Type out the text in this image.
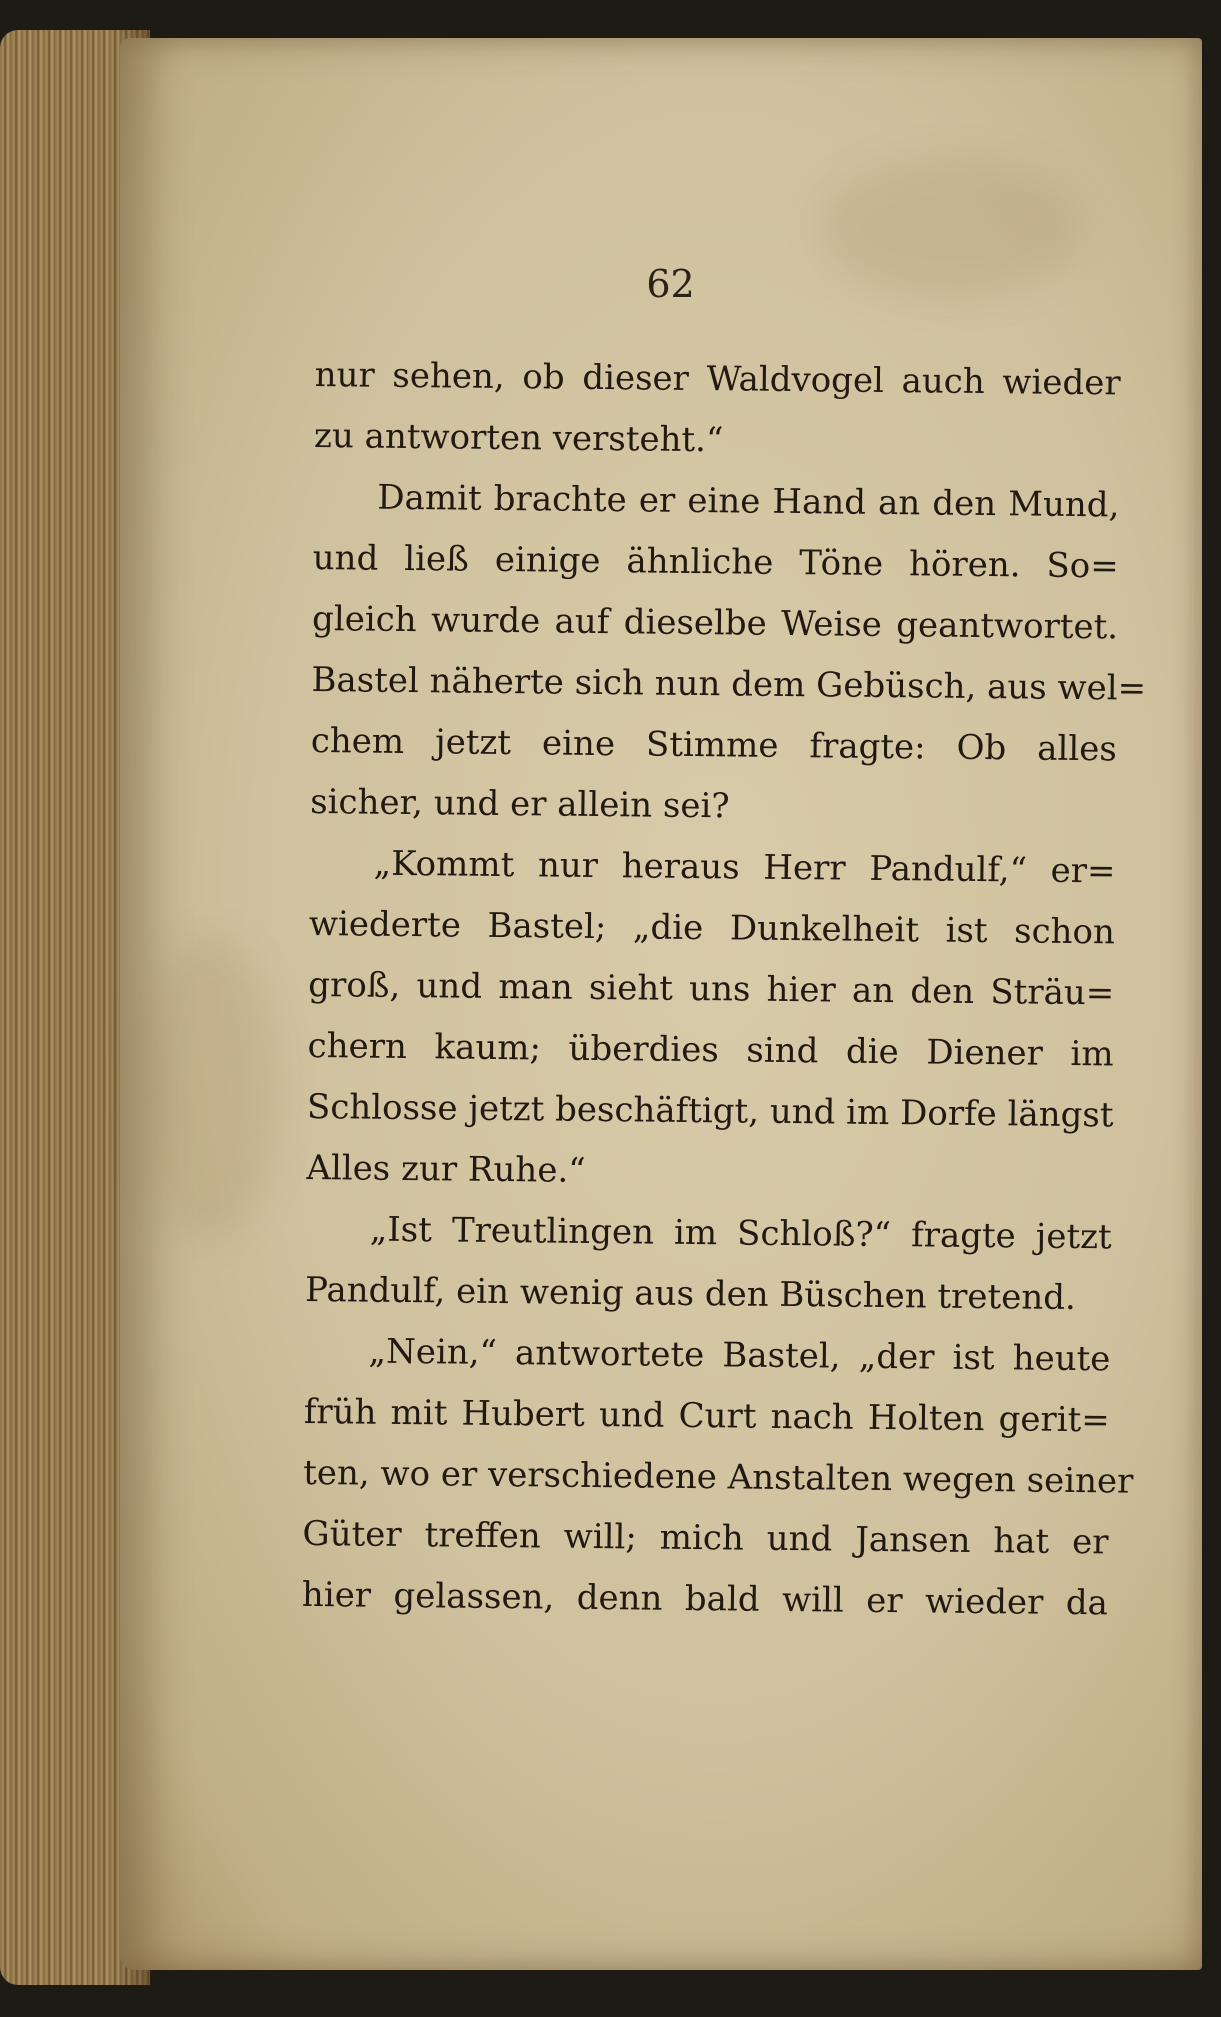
62
nur sehen, ob dieser Waldvogel auch wieder
zu antworten versteht.“
Damit brachte er eine Hand an den Mund,
und ließ einige ähnliche Töne hören. So=
gleich wurde auf dieselbe Weise geantwortet.
Bastel näherte sich nun dem Gebüsch, aus wel=
chem jetzt eine Stimme fragte: Ob alles
sicher, und er allein sei?
„Kommt nur heraus Herr Pandulf,“ er=
wiederte Bastel; „die Dunkelheit ist schon
groß, und man sieht uns hier an den Sträu=
chern kaum; überdies sind die Diener im
Schlosse jetzt beschäftigt, und im Dorfe längst
Alles zur Ruhe.“
„Ist Treutlingen im Schloß?“ fragte jetzt
Pandulf, ein wenig aus den Büschen tretend.
„Nein,“ antwortete Bastel, „der ist heute
früh mit Hubert und Curt nach Holten gerit=
ten, wo er verschiedene Anstalten wegen seiner
Güter treffen will; mich und Jansen hat er
hier gelassen, denn bald will er wieder da
